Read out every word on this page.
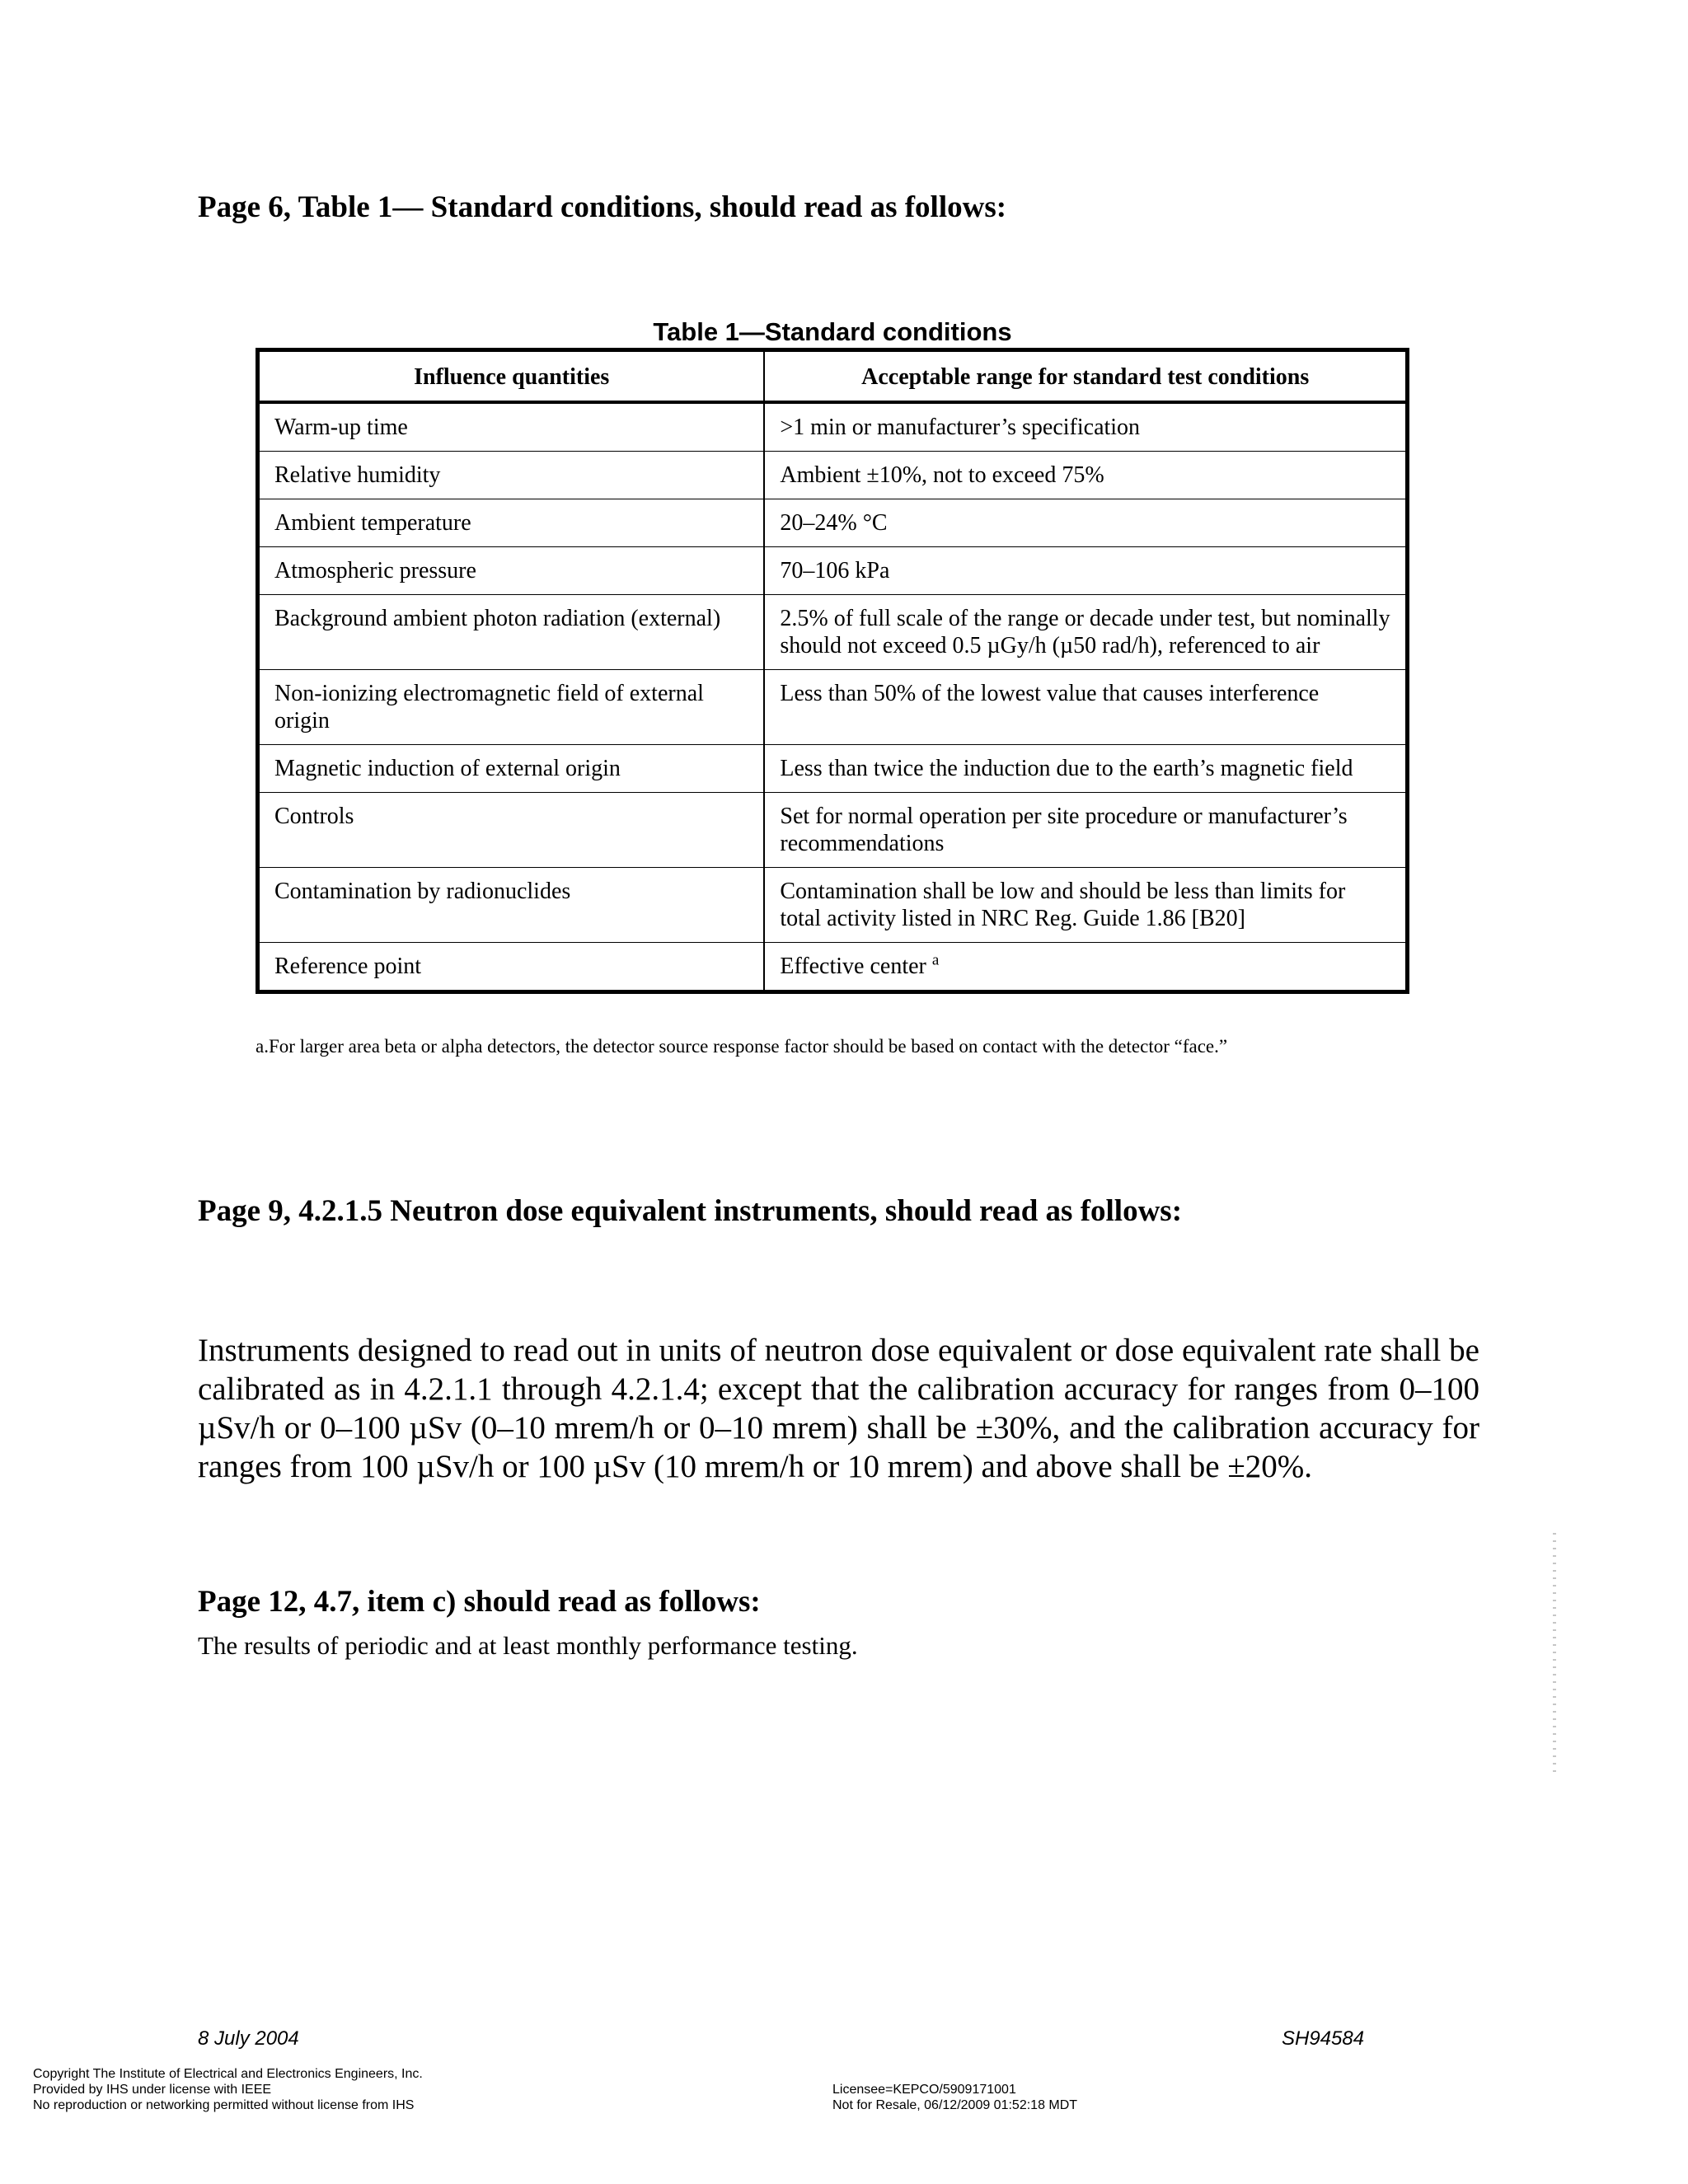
Page 6, Table 1— Standard conditions, should read as follows:
Table 1—Standard conditions
Influence quantities	Acceptable range for standard test conditions
Warm-up time	>1 min or manufacturer’s specification
Relative humidity	Ambient ±10%, not to exceed 75%
Ambient temperature	20–24% °C
Atmospheric pressure	70–106 kPa
Background ambient photon radiation (external)	2.5% of full scale of the range or decade under test, but nominally should not exceed 0.5 µGy/h (µ50 rad/h), referenced to air
Non-ionizing electromagnetic field of external origin	Less than 50% of the lowest value that causes interference
Magnetic induction of external origin	Less than twice the induction due to the earth’s magnetic field
Controls	Set for normal operation per site procedure or manufacturer’s recommendations
Contamination by radionuclides	Contamination shall be low and should be less than limits for total activity listed in NRC Reg. Guide 1.86 [B20]
Reference point	Effective center $^a$
a.For larger area beta or alpha detectors, the detector source response factor should be based on contact with the detector “face.”
Page 9, 4.2.1.5 Neutron dose equivalent instruments, should read as follows:

Instruments designed to read out in units of neutron dose equivalent or dose equivalent rate shall be calibrated as in 4.2.1.1 through 4.2.1.4; except that the calibration accuracy for ranges from 0–100 µSv/h or 0–100 µSv (0–10 mrem/h or 0–10 mrem) shall be ±30%, and the calibration accuracy for ranges from 100 µSv/h or 100 µSv (10 mrem/h or 10 mrem) and above shall be ±20%.

Page 12, 4.7, item c) should read as follows:

The results of periodic and at least monthly performance testing.

8 July 2004	SH94584
Copyright The Institute of Electrical and Electronics Engineers, Inc.
Provided by IHS under license with IEEE
No reproduction or networking permitted without license from IHS
Licensee=KEPCO/5909171001
Not for Resale, 06/12/2009 01:52:18 MDT
